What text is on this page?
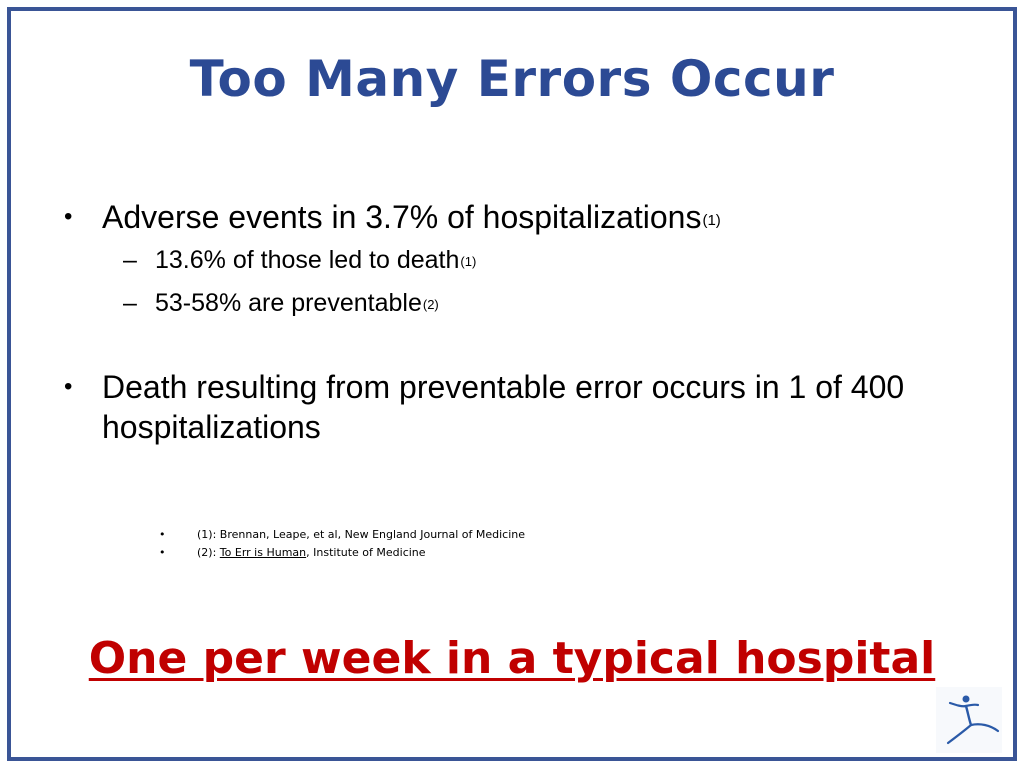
Too Many Errors Occur
• Adverse events in 3.7% of hospitalizations$^{(1)}$
– 13.6% of those led to death$^{(1)}$
– 53-58% are preventable$^{(2)}$
• Death resulting from preventable error occurs in 1 of 400
hospitalizations
•	(1): Brennan, Leape, et al, New England Journal of Medicine
•	(2): To Err is Human, Institute of Medicine
One per week in a typical hospital
